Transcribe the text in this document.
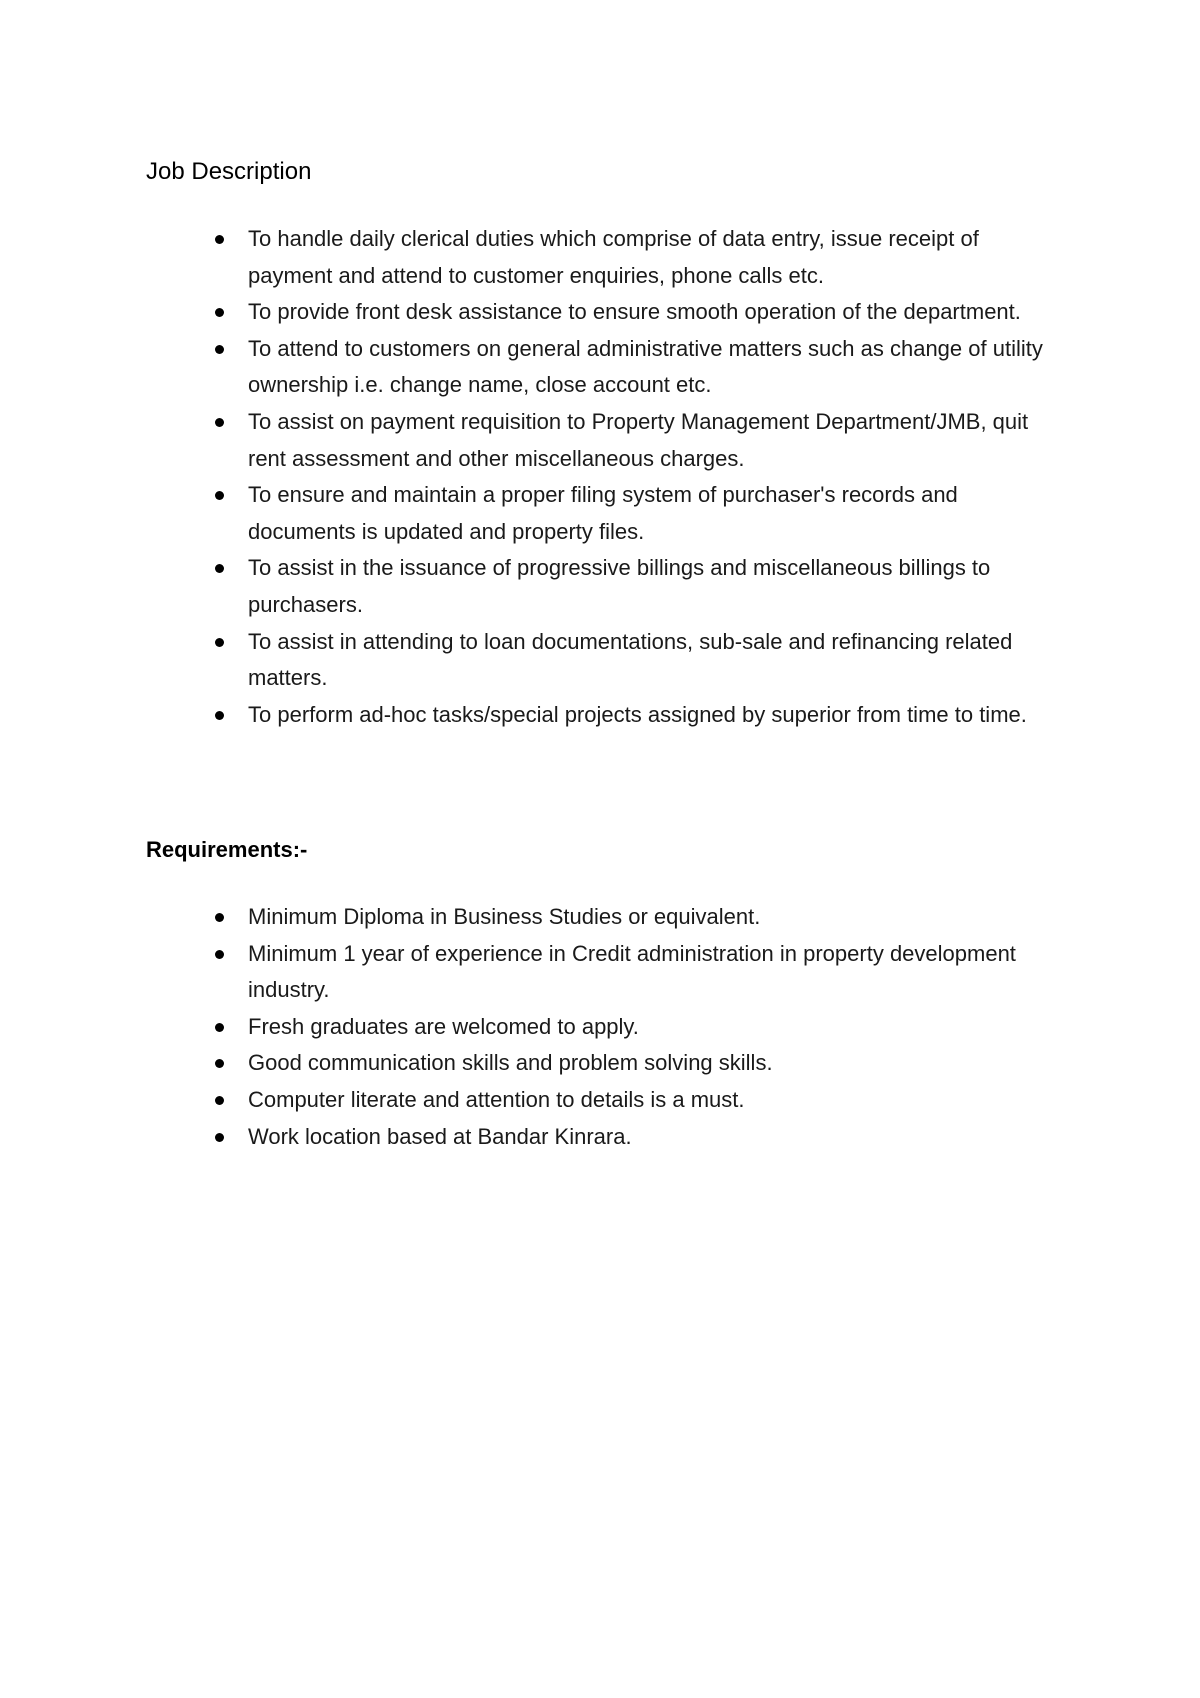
Job Description
To handle daily clerical duties which comprise of data entry, issue receipt of payment and attend to customer enquiries, phone calls etc.
To provide front desk assistance to ensure smooth operation of the department.
To attend to customers on general administrative matters such as change of utility ownership i.e. change name, close account etc.
To assist on payment requisition to Property Management Department/JMB, quit rent assessment and other miscellaneous charges.
To ensure and maintain a proper filing system of purchaser's records and documents is updated and property files.
To assist in the issuance of progressive billings and miscellaneous billings to purchasers.
To assist in attending to loan documentations, sub-sale and refinancing related matters.
To perform ad-hoc tasks/special projects assigned by superior from time to time.
Requirements:-
Minimum Diploma in Business Studies or equivalent.
Minimum 1 year of experience in Credit administration in property development industry.
Fresh graduates are welcomed to apply.
Good communication skills and problem solving skills.
Computer literate and attention to details is a must.
Work location based at Bandar Kinrara.
